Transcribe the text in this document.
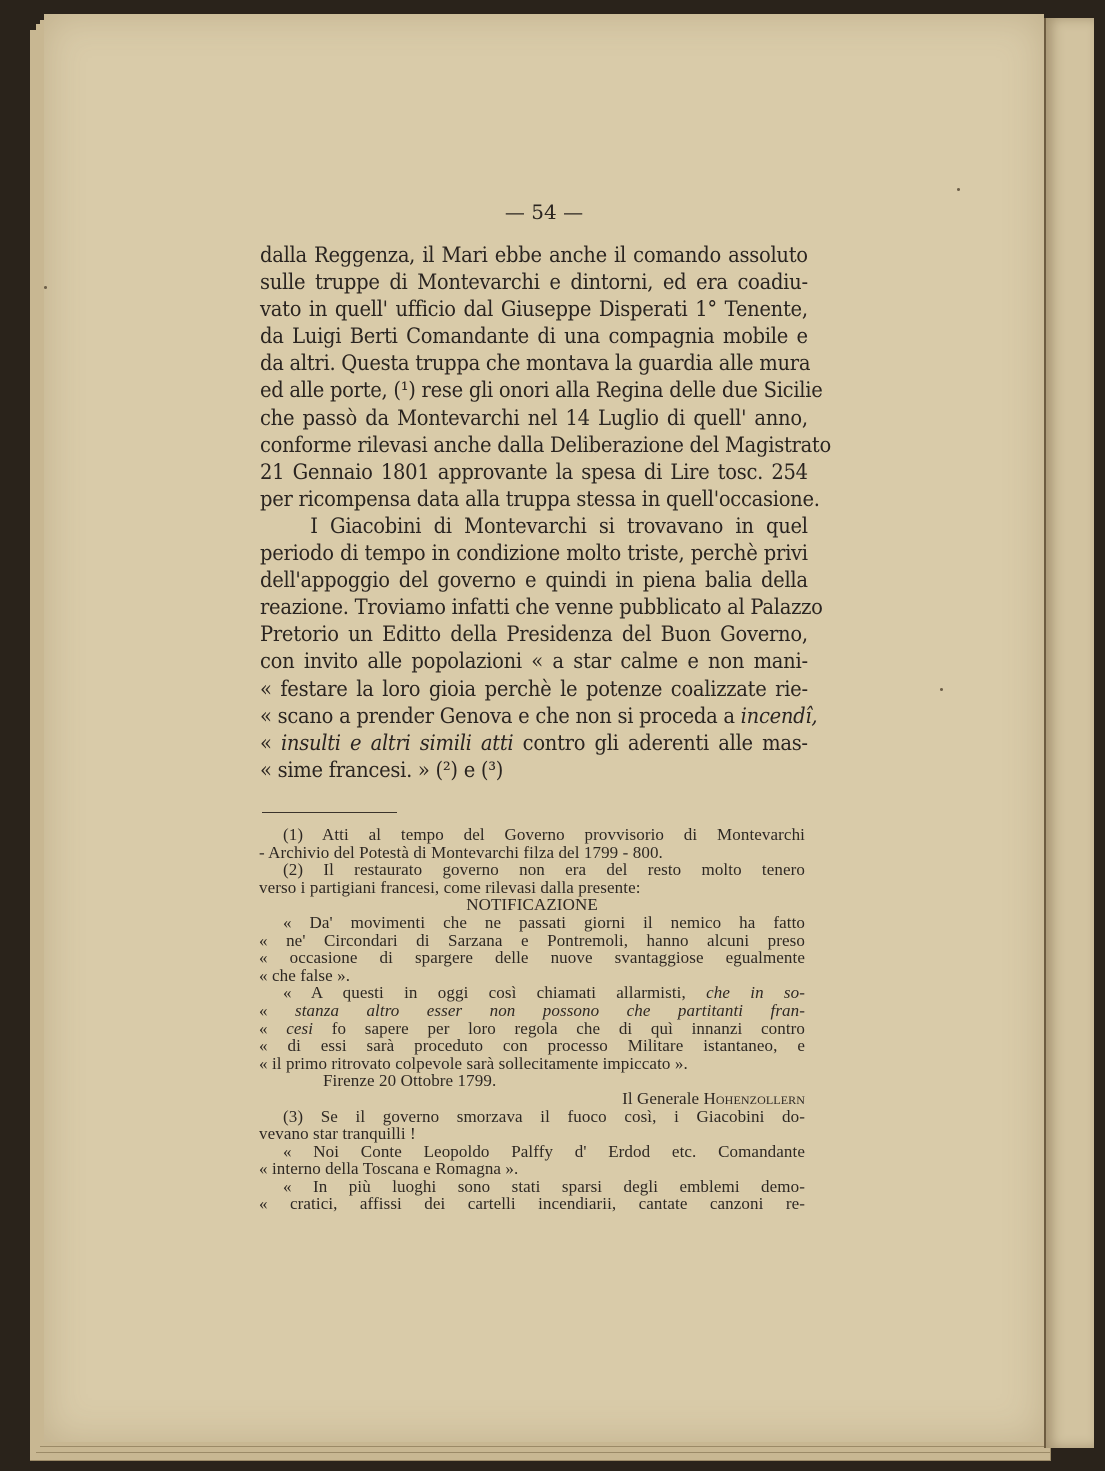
— 54 —
dalla Reggenza, il Mari ebbe anche il comando assoluto
sulle truppe di Montevarchi e dintorni, ed era coadiu-
vato in quell' ufficio dal Giuseppe Disperati 1° Tenente,
da Luigi Berti Comandante di una compagnia mobile e
da altri. Questa truppa che montava la guardia alle mura
ed alle porte, (¹) rese gli onori alla Regina delle due Sicilie
che passò da Montevarchi nel 14 Luglio di quell' anno,
conforme rilevasi anche dalla Deliberazione del Magistrato
21 Gennaio 1801 approvante la spesa di Lire tosc. 254
per ricompensa data alla truppa stessa in quell'occasione.
I Giacobini di Montevarchi si trovavano in quel
periodo di tempo in condizione molto triste, perchè privi
dell'appoggio del governo e quindi in piena balia della
reazione. Troviamo infatti che venne pubblicato al Palazzo
Pretorio un Editto della Presidenza del Buon Governo,
con invito alle popolazioni « a star calme e non mani-
« festare la loro gioia perchè le potenze coalizzate rie-
« scano a prender Genova e che non si proceda a incendî,
« insulti e altri simili atti contro gli aderenti alle mas-
« sime francesi. » (²) e (³)
(1) Atti al tempo del Governo provvisorio di Montevarchi
- Archivio del Potestà di Montevarchi filza del 1799 - 800.
(2) Il restaurato governo non era del resto molto tenero
verso i partigiani francesi, come rilevasi dalla presente:
NOTIFICAZIONE
« Da' movimenti che ne passati giorni il nemico ha fatto
« ne' Circondari di Sarzana e Pontremoli, hanno alcuni preso
« occasione di spargere delle nuove svantaggiose egualmente
« che false ».
« A questi in oggi così chiamati allarmisti, che in so-
« stanza altro esser non possono che partitanti fran-
« cesi fo sapere per loro regola che di quì innanzi contro
« di essi sarà proceduto con processo Militare istantaneo, e
« il primo ritrovato colpevole sarà sollecitamente impiccato ».
Firenze 20 Ottobre 1799.
Il Generale Hohenzollern
(3) Se il governo smorzava il fuoco così, i Giacobini do-
vevano star tranquilli !
« Noi Conte Leopoldo Palffy d' Erdod etc. Comandante
« interno della Toscana e Romagna ».
« In più luoghi sono stati sparsi degli emblemi demo-
« cratici, affissi dei cartelli incendiarii, cantate canzoni re-
